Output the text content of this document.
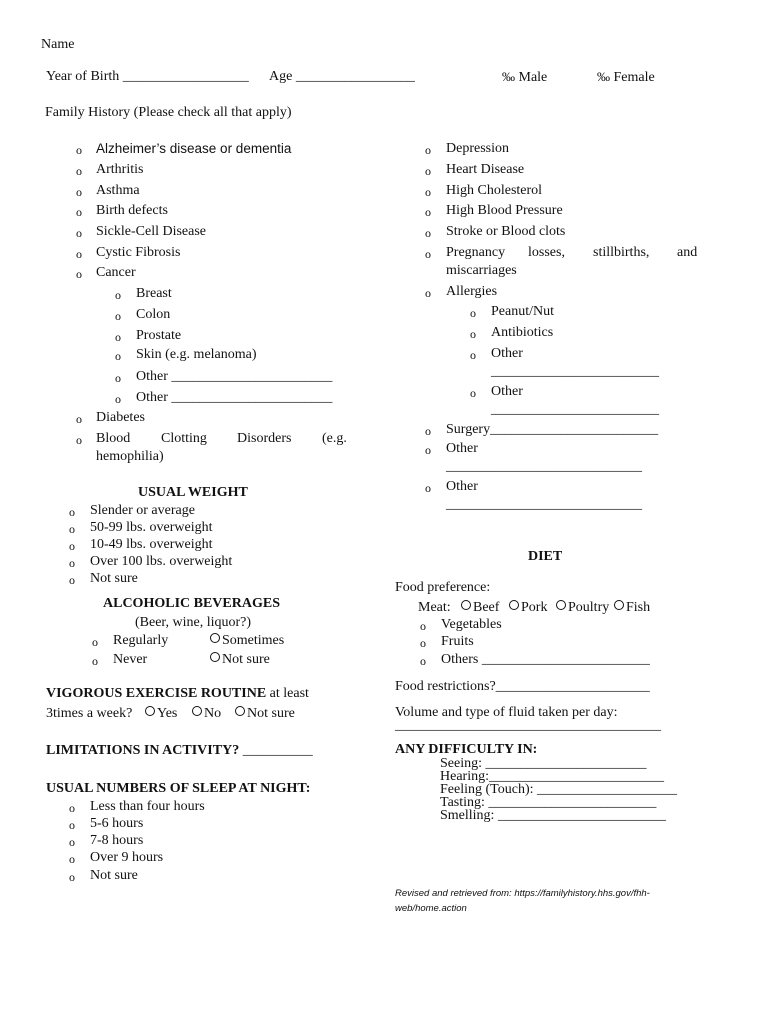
Name
Year of Birth __________________ Age _________________	‰ Male	‰ Female
Family History (Please check all that apply)
o Alzheimer’s disease or dementia
o Arthritis
o Asthma
o Birth defects
o Sickle-Cell Disease
o Cystic Fibrosis
o Cancer
o Breast
o Colon
o Prostate
o Skin (e.g. melanoma)
o Other _______________________
o Other _______________________
o Diabetes
o Blood Clotting Disorders (e.g.
hemophilia)
o Depression
o Heart Disease
o High Cholesterol
o High Blood Pressure
o Stroke or Blood clots
o Pregnancy losses, stillbirths, and
miscarriages
o Allergies
o Peanut/Nut
o Antibiotics
o Other
________________________
o Other
________________________
o Surgery________________________
o Other
____________________________
o Other
____________________________
USUAL WEIGHT
o Slender or average
o 50-99 lbs. overweight
o 10-49 lbs. overweight
o Over 100 lbs. overweight
o Not sure
ALCOHOLIC BEVERAGES
(Beer, wine, liquor?)
o Regularly	Sometimes
o Never	Not sure
VIGOROUS EXERCISE ROUTINE at least
3times a week?	Yes	No	Not sure
LIMITATIONS IN ACTIVITY? __________
USUAL NUMBERS OF SLEEP AT NIGHT:
o Less than four hours
o 5-6 hours
o 7-8 hours
o Over 9 hours
o Not sure
DIET
Food preference:
Meat:	Beef	Pork	Poultry	Fish
o Vegetables
o Fruits
o Others ________________________
Food restrictions?______________________
Volume and type of fluid taken per day:
______________________________________
ANY DIFFICULTY IN:
Seeing: _______________________
Hearing:_________________________
Feeling (Touch): ____________________
Tasting: ________________________
Smelling: ________________________
Revised and retrieved from: https://familyhistory.hhs.gov/fhh-
web/home.action
